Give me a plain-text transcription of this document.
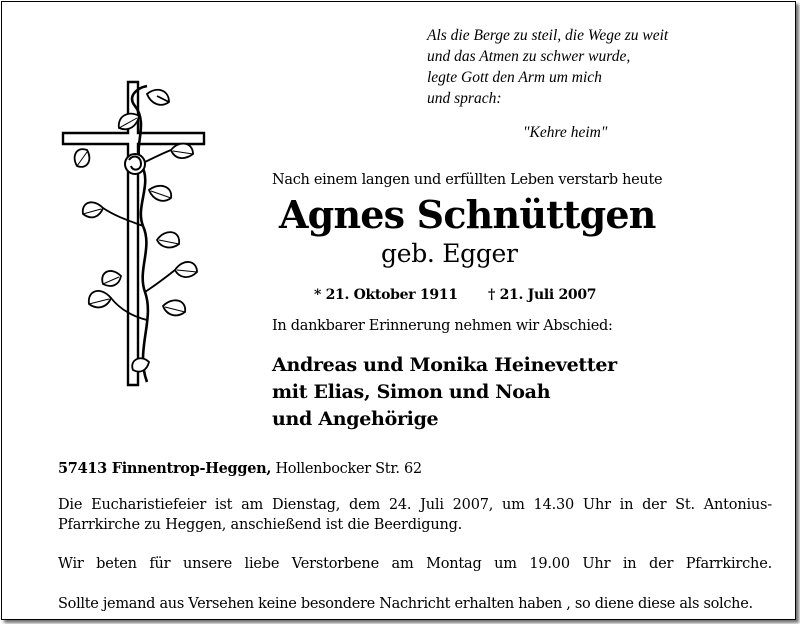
Als die Berge zu steil, die Wege zu weit
und das Atmen zu schwer wurde,
legte Gott den Arm um mich
und sprach:
"Kehre heim"
Nach einem langen und erfüllten Leben verstarb heute
Agnes Schnüttgen
geb. Egger
* 21. Oktober 1911 † 21. Juli 2007
In dankbarer Erinnerung nehmen wir Abschied:
Andreas und Monika Heinevetter
mit Elias, Simon und Noah
und Angehörige
57413 Finnentrop-Heggen, Hollenbocker Str. 62
Die Eucharistiefeier ist am Dienstag, dem 24. Juli 2007, um 14.30 Uhr in der St. Antonius-Pfarrkirche zu Heggen, anschießend ist die Beerdigung.
Wir beten für unsere liebe Verstorbene am Montag um 19.00 Uhr in der Pfarrkirche.
Sollte jemand aus Versehen keine besondere Nachricht erhalten haben , so diene diese als solche.
